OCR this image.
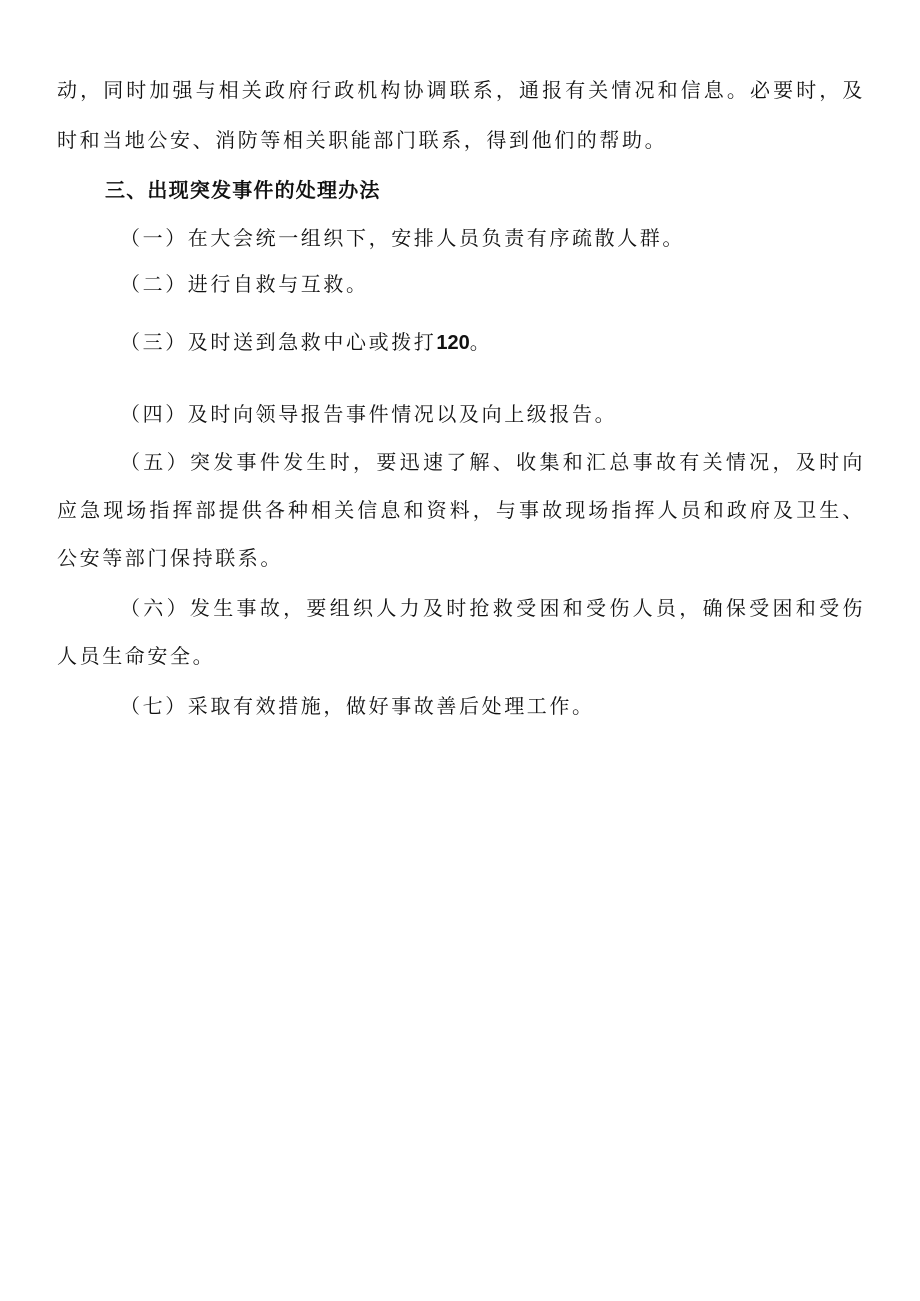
动，同时加强与相关政府行政机构协调联系，通报有关情况和信息。必要时，及
时和当地公安、消防等相关职能部门联系，得到他们的帮助。
三、出现突发事件的处理办法
（一）在大会统一组织下，安排人员负责有序疏散人群。
（二）进行自救与互救。
（三）及时送到急救中心或拨打120。
（四）及时向领导报告事件情况以及向上级报告。
（五）突发事件发生时，要迅速了解、收集和汇总事故有关情况，及时向
应急现场指挥部提供各种相关信息和资料，与事故现场指挥人员和政府及卫生、
公安等部门保持联系。
（六）发生事故，要组织人力及时抢救受困和受伤人员，确保受困和受伤
人员生命安全。
（七）采取有效措施，做好事故善后处理工作。
